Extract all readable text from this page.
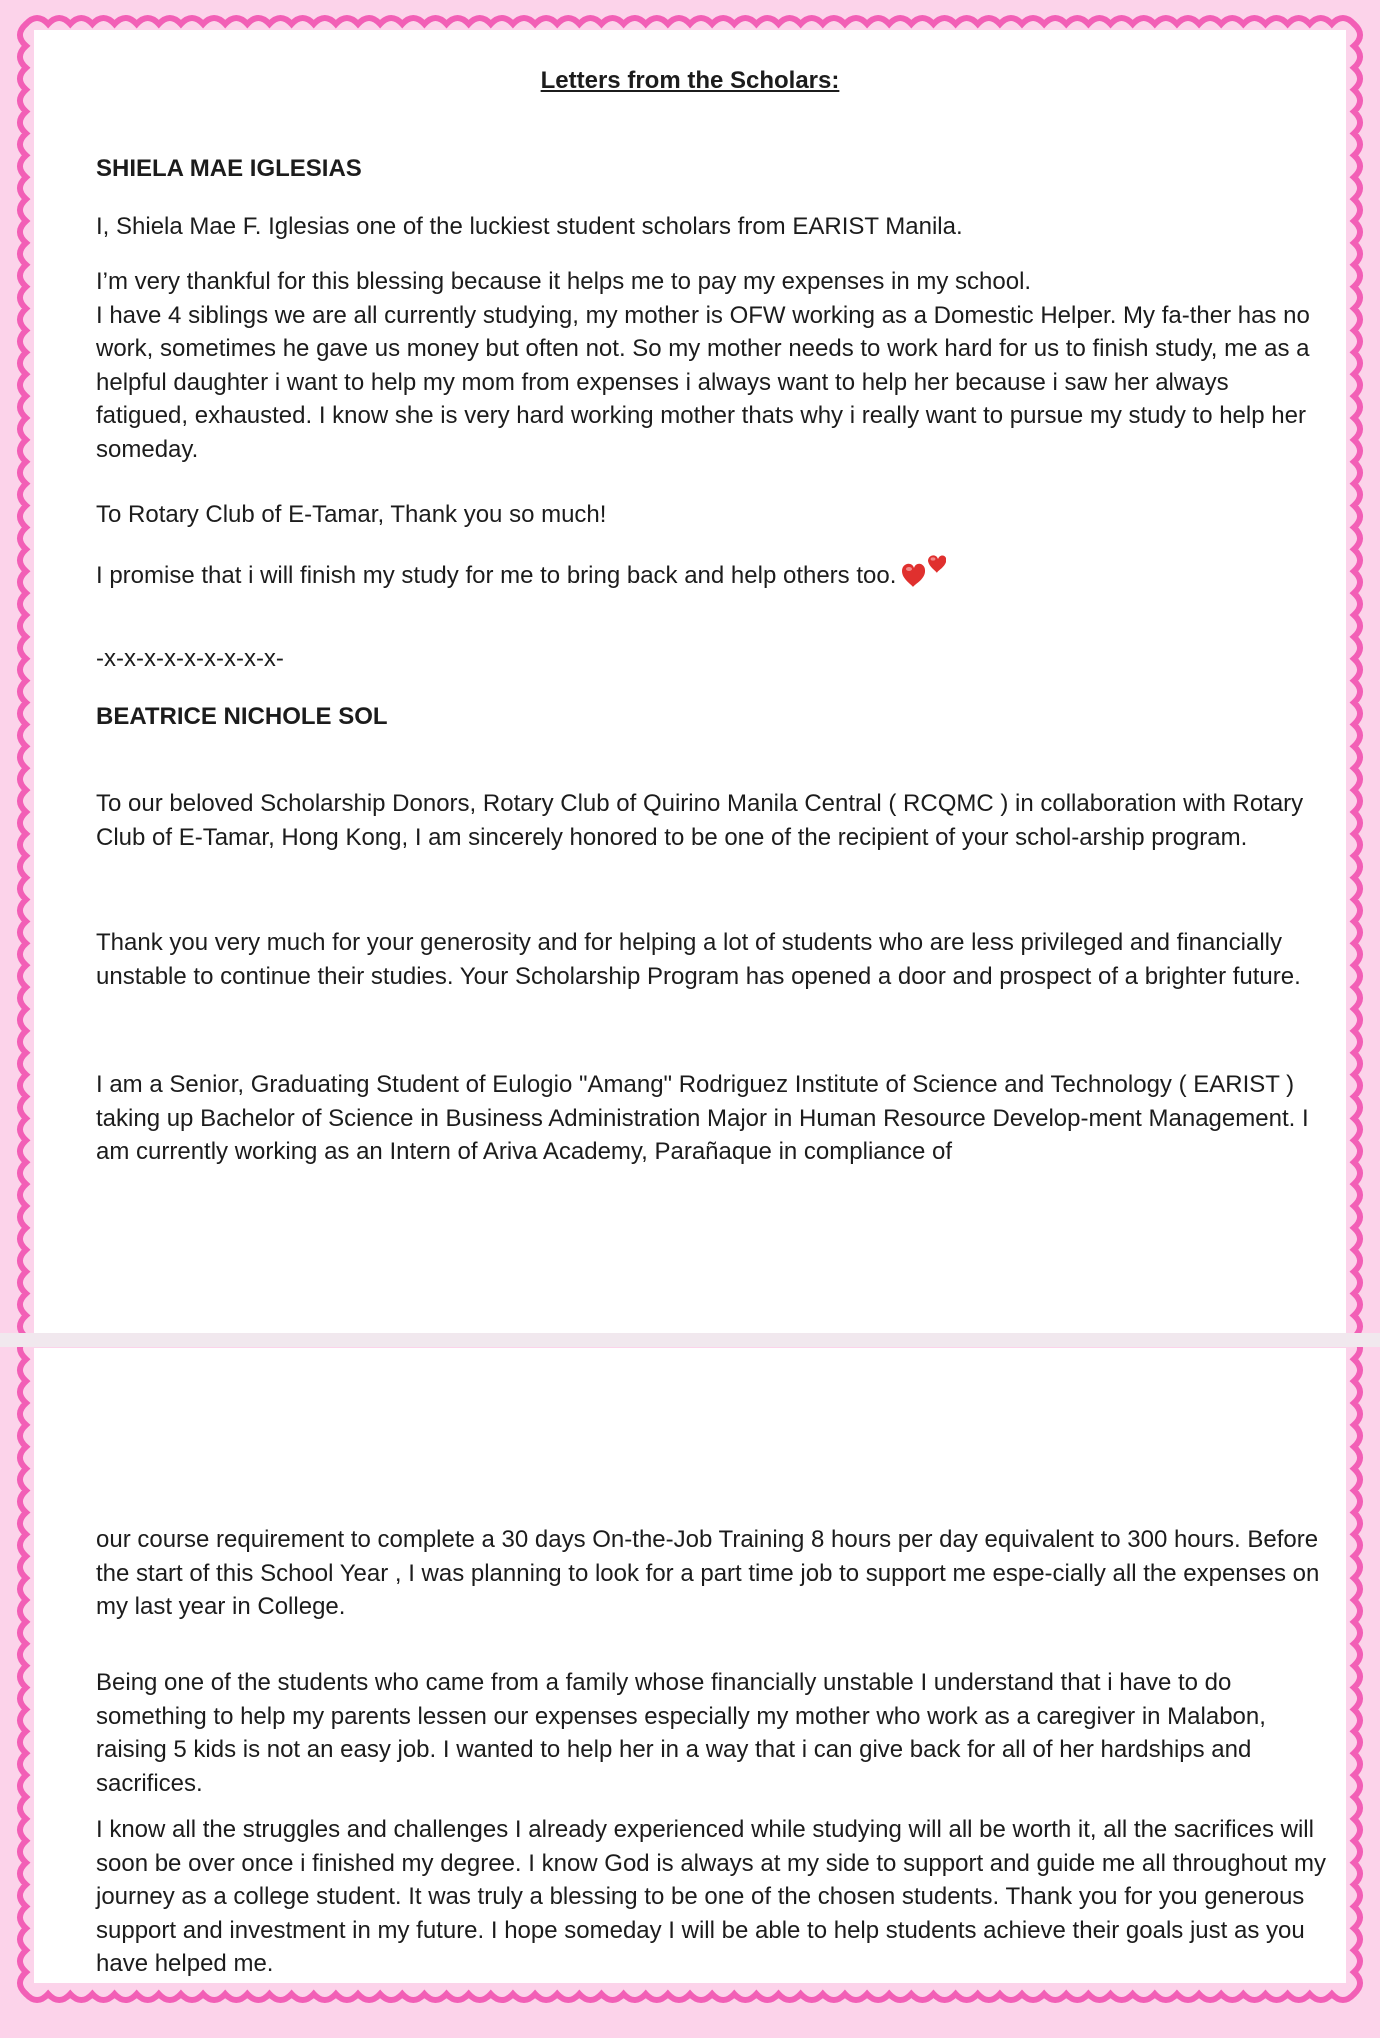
Letters from the Scholars:
SHIELA MAE IGLESIAS

I, Shiela Mae F. Iglesias one of the luckiest student scholars from EARIST Manila.

I’m very thankful for this blessing because it helps me to pay my expenses in my school.

I have 4 siblings we are all currently studying, my mother is OFW working as a Domestic Helper. My fa-ther has no work, sometimes he gave us money but often not. So my mother needs to work hard for us to finish study, me as a helpful daughter i want to help my mom from expenses i always want to help her because i saw her always fatigued, exhausted. I know she is very hard working mother thats why i really want to pursue my study to help her someday.

To Rotary Club of E-Tamar, Thank you so much!

I promise that i will finish my study for me to bring back and help others too.

-x-x-x-x-x-x-x-x-x-

BEATRICE NICHOLE SOL

To our beloved Scholarship Donors, Rotary Club of Quirino Manila Central ( RCQMC ) in collaboration with Rotary Club of E-Tamar, Hong Kong, I am sincerely honored to be one of the recipient of your schol-arship program.

Thank you very much for your generosity and for helping a lot of students who are less privileged and financially unstable to continue their studies. Your Scholarship Program has opened a door and prospect of a brighter future.

I am a Senior, Graduating Student of Eulogio "Amang" Rodriguez Institute of Science and Technology ( EARIST ) taking up Bachelor of Science in Business Administration Major in Human Resource Develop-ment Management. I am currently working as an Intern of Ariva Academy, Parañaque in compliance of

our course requirement to complete a 30 days On-the-Job Training 8 hours per day equivalent to 300 hours. Before the start of this School Year , I was planning to look for a part time job to support me espe-cially all the expenses on my last year in College.

Being one of the students who came from a family whose financially unstable I understand that i have to do something to help my parents lessen our expenses especially my mother who work as a caregiver in Malabon, raising 5 kids is not an easy job. I wanted to help her in a way that i can give back for all of her hardships and sacrifices.

I know all the struggles and challenges I already experienced while studying will all be worth it, all the sacrifices will soon be over once i finished my degree. I know God is always at my side to support and guide me all throughout my journey as a college student. It was truly a blessing to be one of the chosen students. Thank you for you generous support and investment in my future. I hope someday I will be able to help students achieve their goals just as you have helped me.
